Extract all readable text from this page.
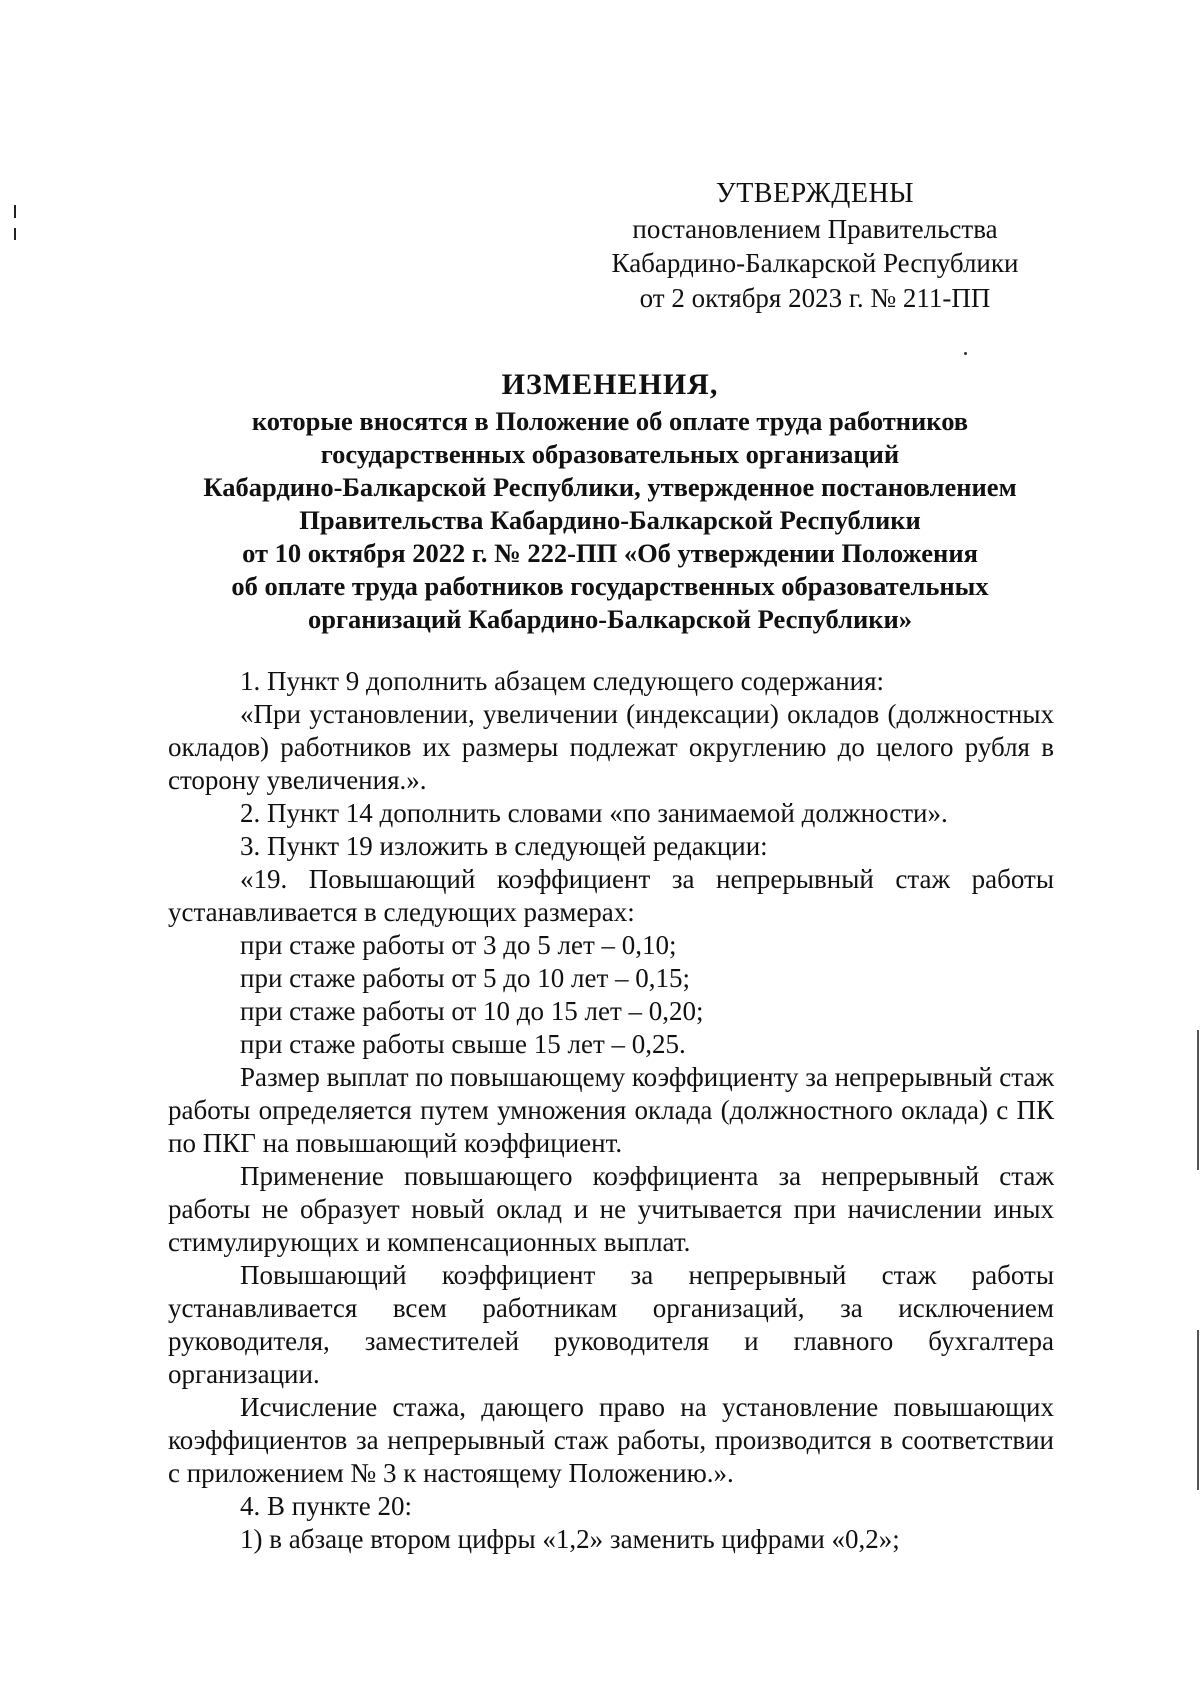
УТВЕРЖДЕНЫ
постановлением Правительства
Кабардино-Балкарской Республики
от 2 октября 2023 г. № 211-ПП
ИЗМЕНЕНИЯ,
которые вносятся в Положение об оплате труда работников
государственных образовательных организаций
Кабардино-Балкарской Республики, утвержденное постановлением
Правительства Кабардино-Балкарской Республики
от 10 октября 2022 г. № 222-ПП «Об утверждении Положения
об оплате труда работников государственных образовательных
организаций Кабардино-Балкарской Республики»

1. Пункт 9 дополнить абзацем следующего содержания:

«При установлении, увеличении (индексации) окладов (должностных окладов) работников их размеры подлежат округлению до целого рубля в сторону увеличения.».

2. Пункт 14 дополнить словами «по занимаемой должности».

3. Пункт 19 изложить в следующей редакции:

«19. Повышающий коэффициент за непрерывный стаж работы устанавливается в следующих размерах:

при стаже работы от 3 до 5 лет – 0,10;

при стаже работы от 5 до 10 лет – 0,15;

при стаже работы от 10 до 15 лет – 0,20;

при стаже работы свыше 15 лет – 0,25.

Размер выплат по повышающему коэффициенту за непрерывный стаж работы определяется путем умножения оклада (должностного оклада) с ПК по ПКГ на повышающий коэффициент.

Применение повышающего коэффициента за непрерывный стаж работы не образует новый оклад и не учитывается при начислении иных стимулирующих и компенсационных выплат.

Повышающий коэффициент за непрерывный стаж работы устанавливается всем работникам организаций, за исключением руководителя, заместителей руководителя и главного бухгалтера организации.

Исчисление стажа, дающего право на установление повышающих коэффициентов за непрерывный стаж работы, производится в соответствии с приложением № 3 к настоящему Положению.».

4. В пункте 20:

1) в абзаце втором цифры «1,2» заменить цифрами «0,2»;
